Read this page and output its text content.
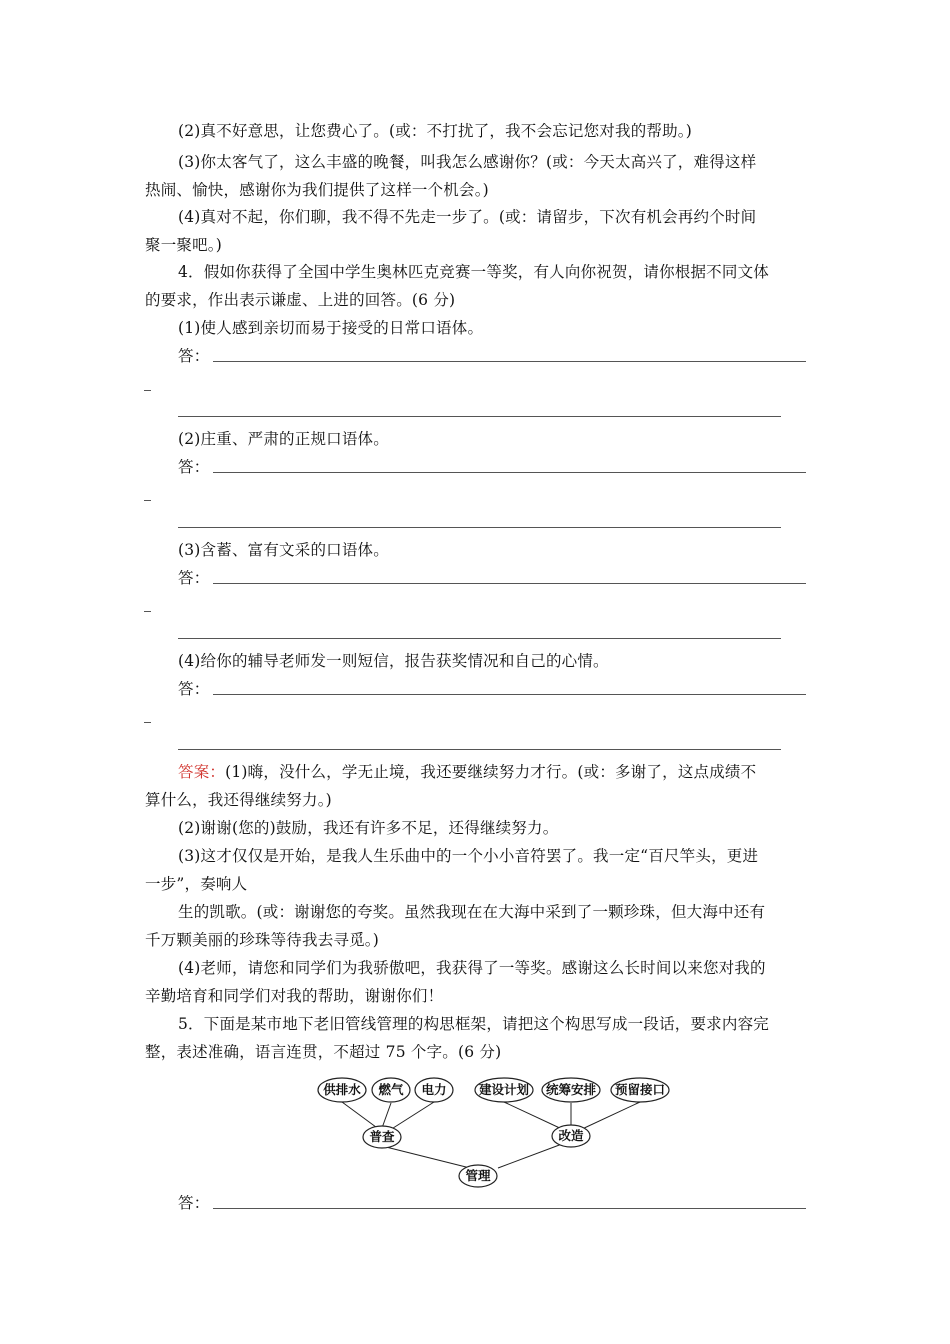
(2)真不好意思，让您费心了。(或：不打扰了，我不会忘记您对我的帮助。)
(3)你太客气了，这么丰盛的晚餐，叫我怎么感谢你？(或：今天太高兴了，难得这样
热闹、愉快，感谢你为我们提供了这样一个机会。)
(4)真对不起，你们聊，我不得不先走一步了。(或：请留步，下次有机会再约个时间
聚一聚吧。)
4．假如你获得了全国中学生奥林匹克竞赛一等奖，有人向你祝贺，请你根据不同文体
的要求，作出表示谦虚、上进的回答。(6 分)
(1)使人感到亲切而易于接受的日常口语体。
答：
(2)庄重、严肃的正规口语体。
答：
(3)含蓄、富有文采的口语体。
答：
(4)给你的辅导老师发一则短信，报告获奖情况和自己的心情。
答：
答案：(1)嗨，没什么，学无止境，我还要继续努力才行。(或：多谢了，这点成绩不
算什么，我还得继续努力。)
(2)谢谢(您的)鼓励，我还有许多不足，还得继续努力。
(3)这才仅仅是开始，是我人生乐曲中的一个小小音符罢了。我一定“百尺竿头，更进
一步”，奏响人
生的凯歌。(或：谢谢您的夸奖。虽然我现在在大海中采到了一颗珍珠，但大海中还有
千万颗美丽的珍珠等待我去寻觅。)
(4)老师，请您和同学们为我骄傲吧，我获得了一等奖。感谢这么长时间以来您对我的
辛勤培育和同学们对我的帮助，谢谢你们！
5．下面是某市地下老旧管线管理的构思框架，请把这个构思写成一段话，要求内容完
整，表述准确，语言连贯，不超过 75 个字。(6 分)
供排水 燃气 电力
普查
建设计划 统筹安排 预留接口
改造
管理
答：
